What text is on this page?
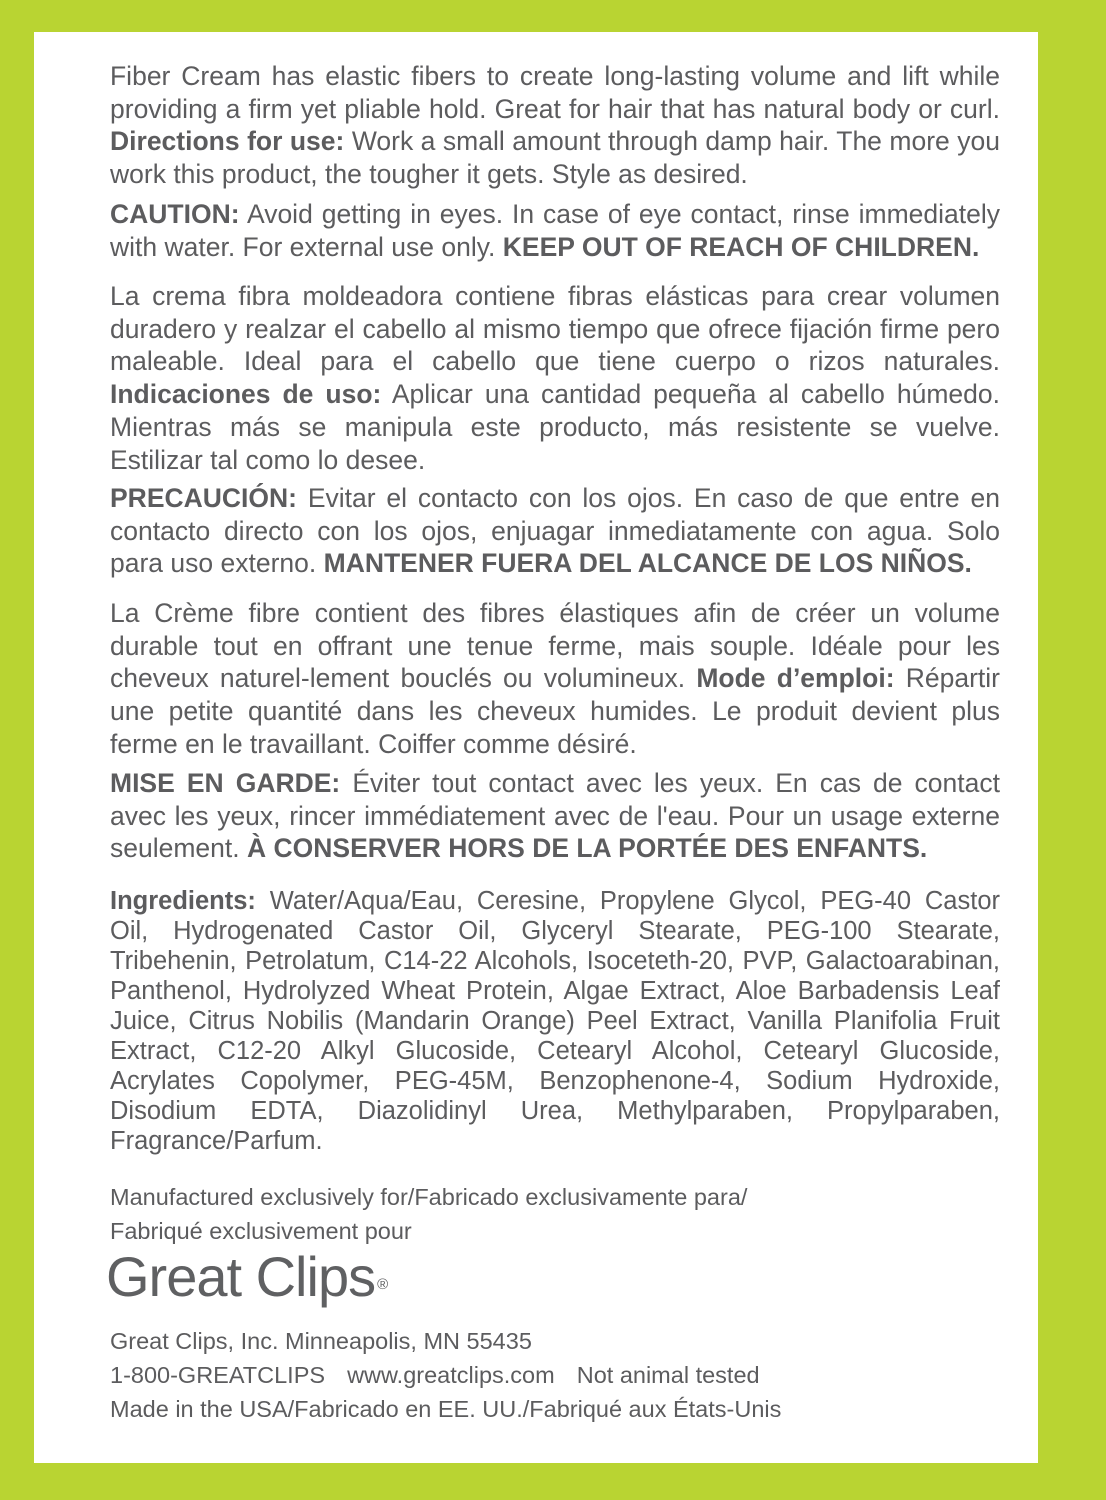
Fiber Cream has elastic fibers to create long-lasting volume and lift while providing a firm yet pliable hold. Great for hair that has natural body or curl. Directions for use: Work a small amount through damp hair. The more you work this product, the tougher it gets. Style as desired.

CAUTION: Avoid getting in eyes. In case of eye contact, rinse immediately with water. For external use only. KEEP OUT OF REACH OF CHILDREN.

La crema fibra moldeadora contiene fibras elásticas para crear volumen duradero y realzar el cabello al mismo tiempo que ofrece fijación firme pero maleable. Ideal para el cabello que tiene cuerpo o rizos naturales. Indicaciones de uso: Aplicar una cantidad pequeña al cabello húmedo. Mientras más se manipula este producto, más resistente se vuelve. Estilizar tal como lo desee.

PRECAUCIÓN: Evitar el contacto con los ojos. En caso de que entre en contacto directo con los ojos, enjuagar inmediatamente con agua. Solo para uso externo. MANTENER FUERA DEL ALCANCE DE LOS NIÑOS.

La Crème fibre contient des fibres élastiques afin de créer un volume durable tout en offrant une tenue ferme, mais souple. Idéale pour les cheveux naturel-lement bouclés ou volumineux. Mode d’emploi: Répartir une petite quantité dans les cheveux humides. Le produit devient plus ferme en le travaillant. Coiffer comme désiré.

MISE EN GARDE: Éviter tout contact avec les yeux. En cas de contact avec les yeux, rincer immédiatement avec de l'eau. Pour un usage externe seulement. À CONSERVER HORS DE LA PORTÉE DES ENFANTS.

Ingredients: Water/Aqua/Eau, Ceresine, Propylene Glycol, PEG-40 Castor Oil, Hydrogenated Castor Oil, Glyceryl Stearate, PEG-100 Stearate, Tribehenin, Petrolatum, C14-22 Alcohols, Isoceteth-20, PVP, Galactoarabinan, Panthenol, Hydrolyzed Wheat Protein, Algae Extract, Aloe Barbadensis Leaf Juice, Citrus Nobilis (Mandarin Orange) Peel Extract, Vanilla Planifolia Fruit Extract, C12-20 Alkyl Glucoside, Cetearyl Alcohol, Cetearyl Glucoside, Acrylates Copolymer, PEG-45M, Benzophenone-4, Sodium Hydroxide, Disodium EDTA, Diazolidinyl Urea, Methylparaben, Propylparaben, Fragrance/Parfum.

Manufactured exclusively for/Fabricado exclusivamente para/
Fabriqué exclusivement pour
Great Clips ®
Great Clips, Inc. Minneapolis, MN 55435
1-800-GREATCLIPS www.greatclips.com Not animal tested
Made in the USA/Fabricado en EE. UU./Fabriqué aux États-Unis
